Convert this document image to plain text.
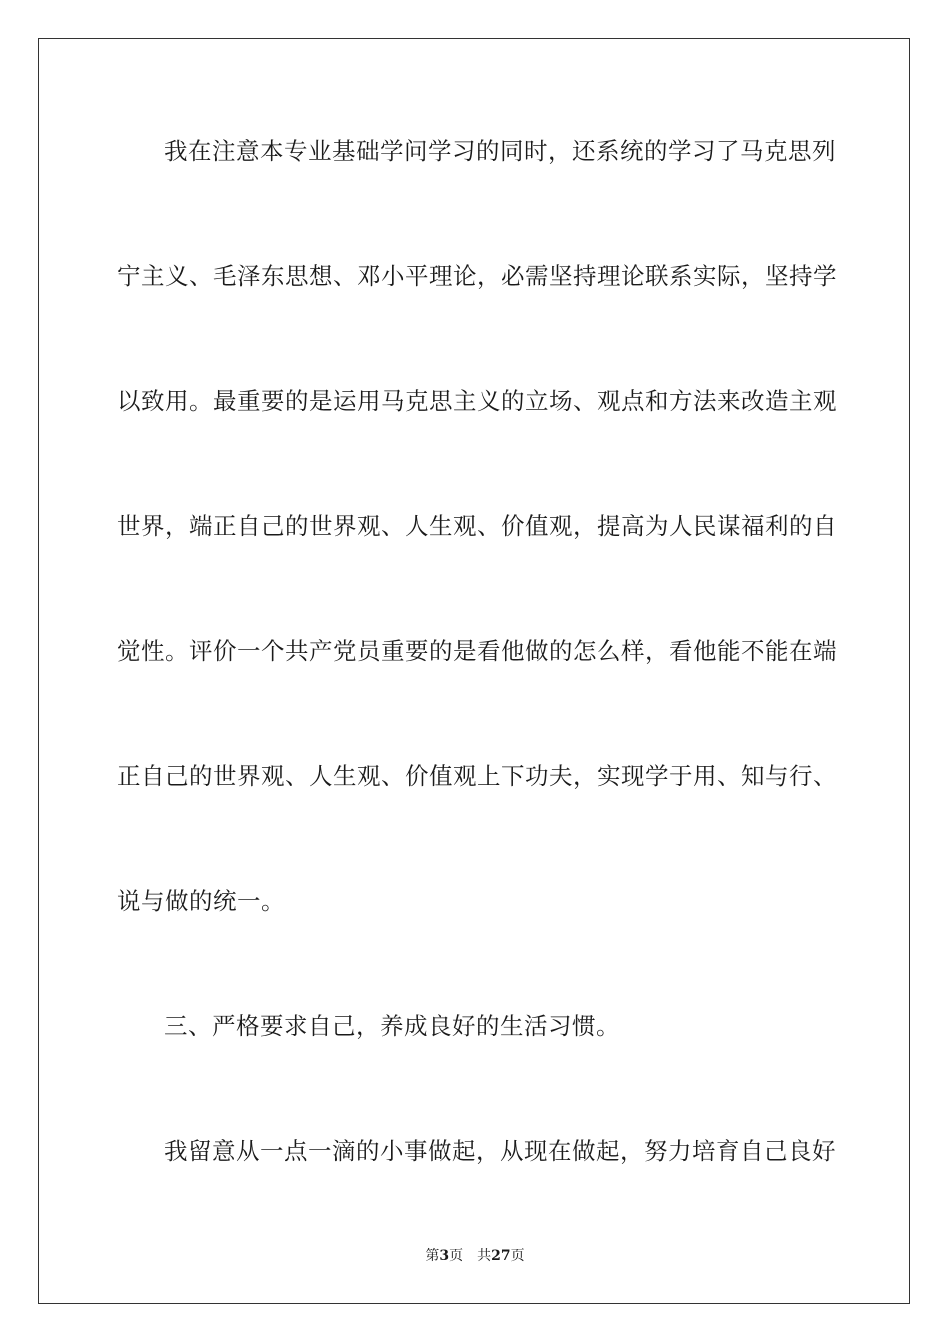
我在注意本专业基础学问学习的同时，还系统的学习了马克思列
宁主义、毛泽东思想、邓小平理论，必需坚持理论联系实际，坚持学
以致用。最重要的是运用马克思主义的立场、观点和方法来改造主观
世界，端正自己的世界观、人生观、价值观，提高为人民谋福利的自
觉性。评价一个共产党员重要的是看他做的怎么样，看他能不能在端
正自己的世界观、人生观、价值观上下功夫，实现学于用、知与行、
说与做的统一。
三、严格要求自己，养成良好的生活习惯。
我留意从一点一滴的小事做起，从现在做起，努力培育自己良好
第3页 共27页
